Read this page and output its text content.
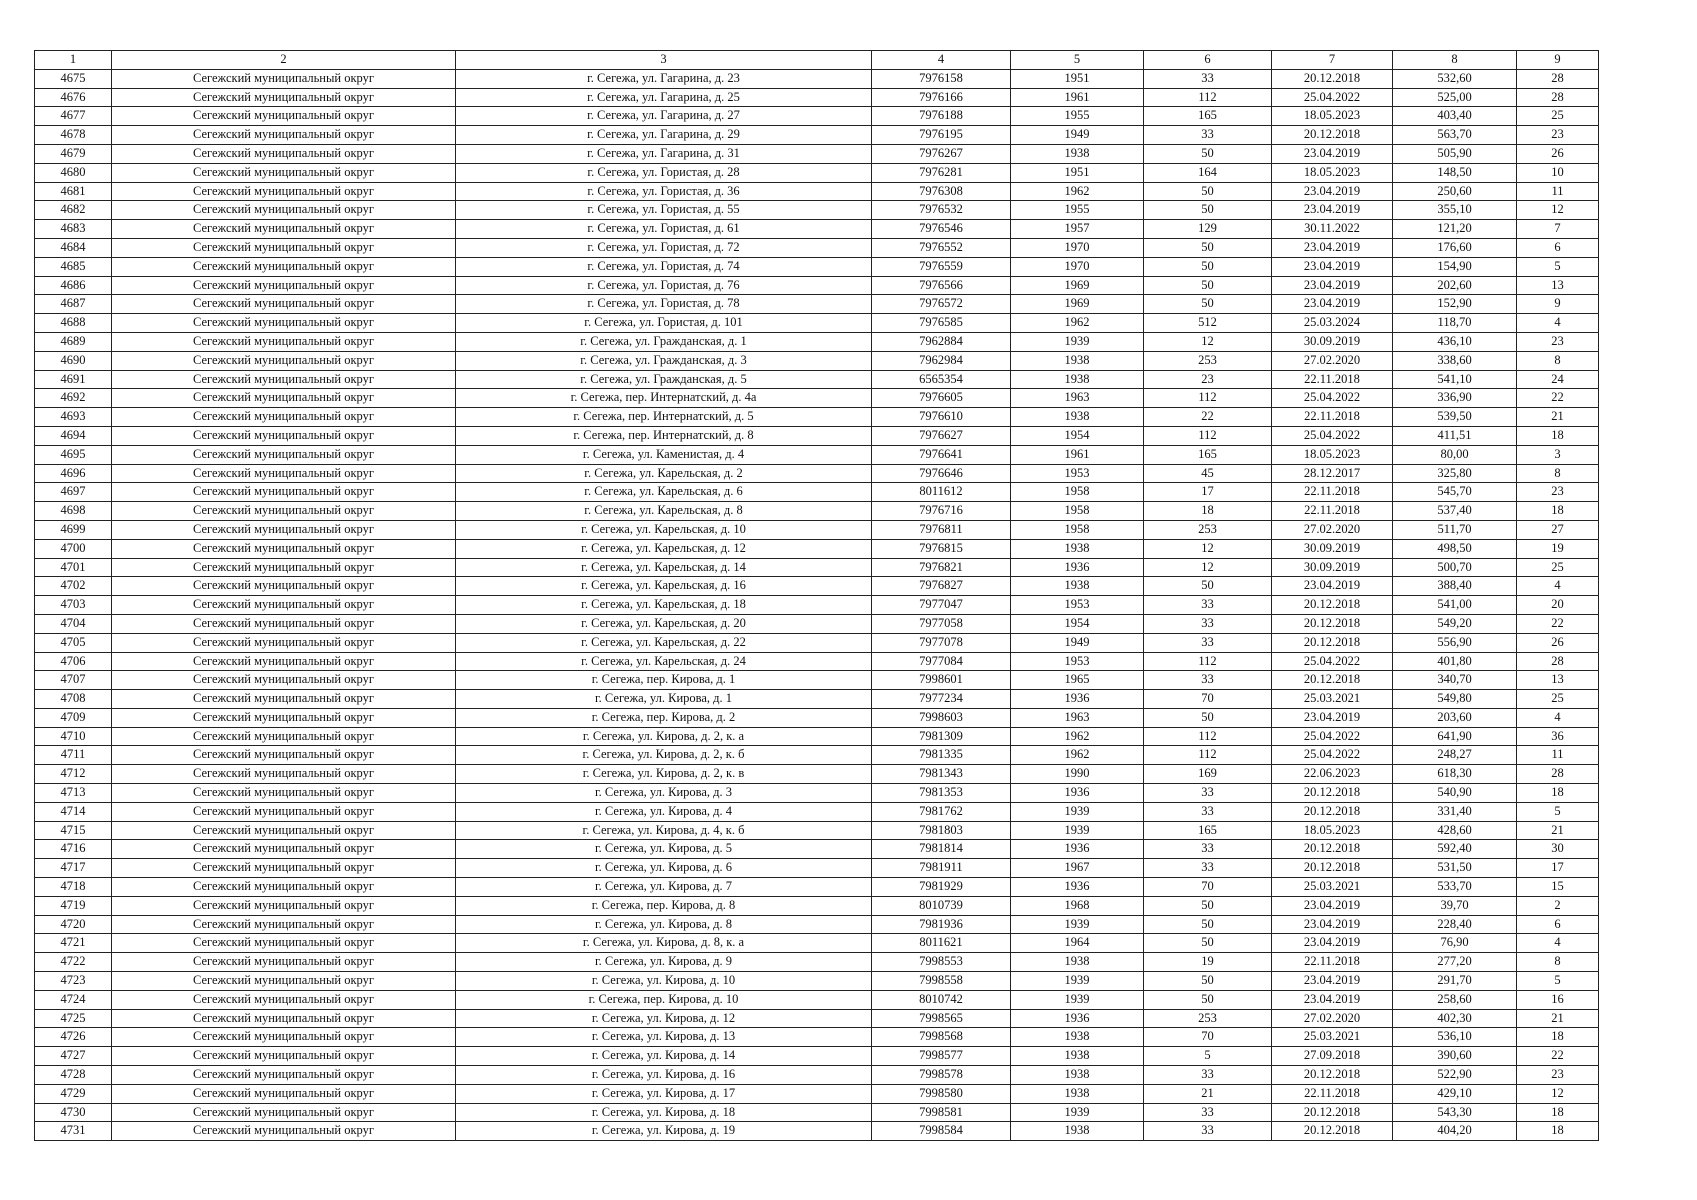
1	2	3	4	5	6	7	8	9
4675	Сегежский муниципальный округ	г. Сегежа, ул. Гагарина, д. 23	7976158	1951	33	20.12.2018	532,60	28
4676	Сегежский муниципальный округ	г. Сегежа, ул. Гагарина, д. 25	7976166	1961	112	25.04.2022	525,00	28
4677	Сегежский муниципальный округ	г. Сегежа, ул. Гагарина, д. 27	7976188	1955	165	18.05.2023	403,40	25
4678	Сегежский муниципальный округ	г. Сегежа, ул. Гагарина, д. 29	7976195	1949	33	20.12.2018	563,70	23
4679	Сегежский муниципальный округ	г. Сегежа, ул. Гагарина, д. 31	7976267	1938	50	23.04.2019	505,90	26
4680	Сегежский муниципальный округ	г. Сегежа, ул. Гористая, д. 28	7976281	1951	164	18.05.2023	148,50	10
4681	Сегежский муниципальный округ	г. Сегежа, ул. Гористая, д. 36	7976308	1962	50	23.04.2019	250,60	11
4682	Сегежский муниципальный округ	г. Сегежа, ул. Гористая, д. 55	7976532	1955	50	23.04.2019	355,10	12
4683	Сегежский муниципальный округ	г. Сегежа, ул. Гористая, д. 61	7976546	1957	129	30.11.2022	121,20	7
4684	Сегежский муниципальный округ	г. Сегежа, ул. Гористая, д. 72	7976552	1970	50	23.04.2019	176,60	6
4685	Сегежский муниципальный округ	г. Сегежа, ул. Гористая, д. 74	7976559	1970	50	23.04.2019	154,90	5
4686	Сегежский муниципальный округ	г. Сегежа, ул. Гористая, д. 76	7976566	1969	50	23.04.2019	202,60	13
4687	Сегежский муниципальный округ	г. Сегежа, ул. Гористая, д. 78	7976572	1969	50	23.04.2019	152,90	9
4688	Сегежский муниципальный округ	г. Сегежа, ул. Гористая, д. 101	7976585	1962	512	25.03.2024	118,70	4
4689	Сегежский муниципальный округ	г. Сегежа, ул. Гражданская, д. 1	7962884	1939	12	30.09.2019	436,10	23
4690	Сегежский муниципальный округ	г. Сегежа, ул. Гражданская, д. 3	7962984	1938	253	27.02.2020	338,60	8
4691	Сегежский муниципальный округ	г. Сегежа, ул. Гражданская, д. 5	6565354	1938	23	22.11.2018	541,10	24
4692	Сегежский муниципальный округ	г. Сегежа, пер. Интернатский, д. 4а	7976605	1963	112	25.04.2022	336,90	22
4693	Сегежский муниципальный округ	г. Сегежа, пер. Интернатский, д. 5	7976610	1938	22	22.11.2018	539,50	21
4694	Сегежский муниципальный округ	г. Сегежа, пер. Интернатский, д. 8	7976627	1954	112	25.04.2022	411,51	18
4695	Сегежский муниципальный округ	г. Сегежа, ул. Каменистая, д. 4	7976641	1961	165	18.05.2023	80,00	3
4696	Сегежский муниципальный округ	г. Сегежа, ул. Карельская, д. 2	7976646	1953	45	28.12.2017	325,80	8
4697	Сегежский муниципальный округ	г. Сегежа, ул. Карельская, д. 6	8011612	1958	17	22.11.2018	545,70	23
4698	Сегежский муниципальный округ	г. Сегежа, ул. Карельская, д. 8	7976716	1958	18	22.11.2018	537,40	18
4699	Сегежский муниципальный округ	г. Сегежа, ул. Карельская, д. 10	7976811	1958	253	27.02.2020	511,70	27
4700	Сегежский муниципальный округ	г. Сегежа, ул. Карельская, д. 12	7976815	1938	12	30.09.2019	498,50	19
4701	Сегежский муниципальный округ	г. Сегежа, ул. Карельская, д. 14	7976821	1936	12	30.09.2019	500,70	25
4702	Сегежский муниципальный округ	г. Сегежа, ул. Карельская, д. 16	7976827	1938	50	23.04.2019	388,40	4
4703	Сегежский муниципальный округ	г. Сегежа, ул. Карельская, д. 18	7977047	1953	33	20.12.2018	541,00	20
4704	Сегежский муниципальный округ	г. Сегежа, ул. Карельская, д. 20	7977058	1954	33	20.12.2018	549,20	22
4705	Сегежский муниципальный округ	г. Сегежа, ул. Карельская, д. 22	7977078	1949	33	20.12.2018	556,90	26
4706	Сегежский муниципальный округ	г. Сегежа, ул. Карельская, д. 24	7977084	1953	112	25.04.2022	401,80	28
4707	Сегежский муниципальный округ	г. Сегежа, пер. Кирова, д. 1	7998601	1965	33	20.12.2018	340,70	13
4708	Сегежский муниципальный округ	г. Сегежа, ул. Кирова, д. 1	7977234	1936	70	25.03.2021	549,80	25
4709	Сегежский муниципальный округ	г. Сегежа, пер. Кирова, д. 2	7998603	1963	50	23.04.2019	203,60	4
4710	Сегежский муниципальный округ	г. Сегежа, ул. Кирова, д. 2, к. а	7981309	1962	112	25.04.2022	641,90	36
4711	Сегежский муниципальный округ	г. Сегежа, ул. Кирова, д. 2, к. б	7981335	1962	112	25.04.2022	248,27	11
4712	Сегежский муниципальный округ	г. Сегежа, ул. Кирова, д. 2, к. в	7981343	1990	169	22.06.2023	618,30	28
4713	Сегежский муниципальный округ	г. Сегежа, ул. Кирова, д. 3	7981353	1936	33	20.12.2018	540,90	18
4714	Сегежский муниципальный округ	г. Сегежа, ул. Кирова, д. 4	7981762	1939	33	20.12.2018	331,40	5
4715	Сегежский муниципальный округ	г. Сегежа, ул. Кирова, д. 4, к. б	7981803	1939	165	18.05.2023	428,60	21
4716	Сегежский муниципальный округ	г. Сегежа, ул. Кирова, д. 5	7981814	1936	33	20.12.2018	592,40	30
4717	Сегежский муниципальный округ	г. Сегежа, ул. Кирова, д. 6	7981911	1967	33	20.12.2018	531,50	17
4718	Сегежский муниципальный округ	г. Сегежа, ул. Кирова, д. 7	7981929	1936	70	25.03.2021	533,70	15
4719	Сегежский муниципальный округ	г. Сегежа, пер. Кирова, д. 8	8010739	1968	50	23.04.2019	39,70	2
4720	Сегежский муниципальный округ	г. Сегежа, ул. Кирова, д. 8	7981936	1939	50	23.04.2019	228,40	6
4721	Сегежский муниципальный округ	г. Сегежа, ул. Кирова, д. 8, к. а	8011621	1964	50	23.04.2019	76,90	4
4722	Сегежский муниципальный округ	г. Сегежа, ул. Кирова, д. 9	7998553	1938	19	22.11.2018	277,20	8
4723	Сегежский муниципальный округ	г. Сегежа, ул. Кирова, д. 10	7998558	1939	50	23.04.2019	291,70	5
4724	Сегежский муниципальный округ	г. Сегежа, пер. Кирова, д. 10	8010742	1939	50	23.04.2019	258,60	16
4725	Сегежский муниципальный округ	г. Сегежа, ул. Кирова, д. 12	7998565	1936	253	27.02.2020	402,30	21
4726	Сегежский муниципальный округ	г. Сегежа, ул. Кирова, д. 13	7998568	1938	70	25.03.2021	536,10	18
4727	Сегежский муниципальный округ	г. Сегежа, ул. Кирова, д. 14	7998577	1938	5	27.09.2018	390,60	22
4728	Сегежский муниципальный округ	г. Сегежа, ул. Кирова, д. 16	7998578	1938	33	20.12.2018	522,90	23
4729	Сегежский муниципальный округ	г. Сегежа, ул. Кирова, д. 17	7998580	1938	21	22.11.2018	429,10	12
4730	Сегежский муниципальный округ	г. Сегежа, ул. Кирова, д. 18	7998581	1939	33	20.12.2018	543,30	18
4731	Сегежский муниципальный округ	г. Сегежа, ул. Кирова, д. 19	7998584	1938	33	20.12.2018	404,20	18
